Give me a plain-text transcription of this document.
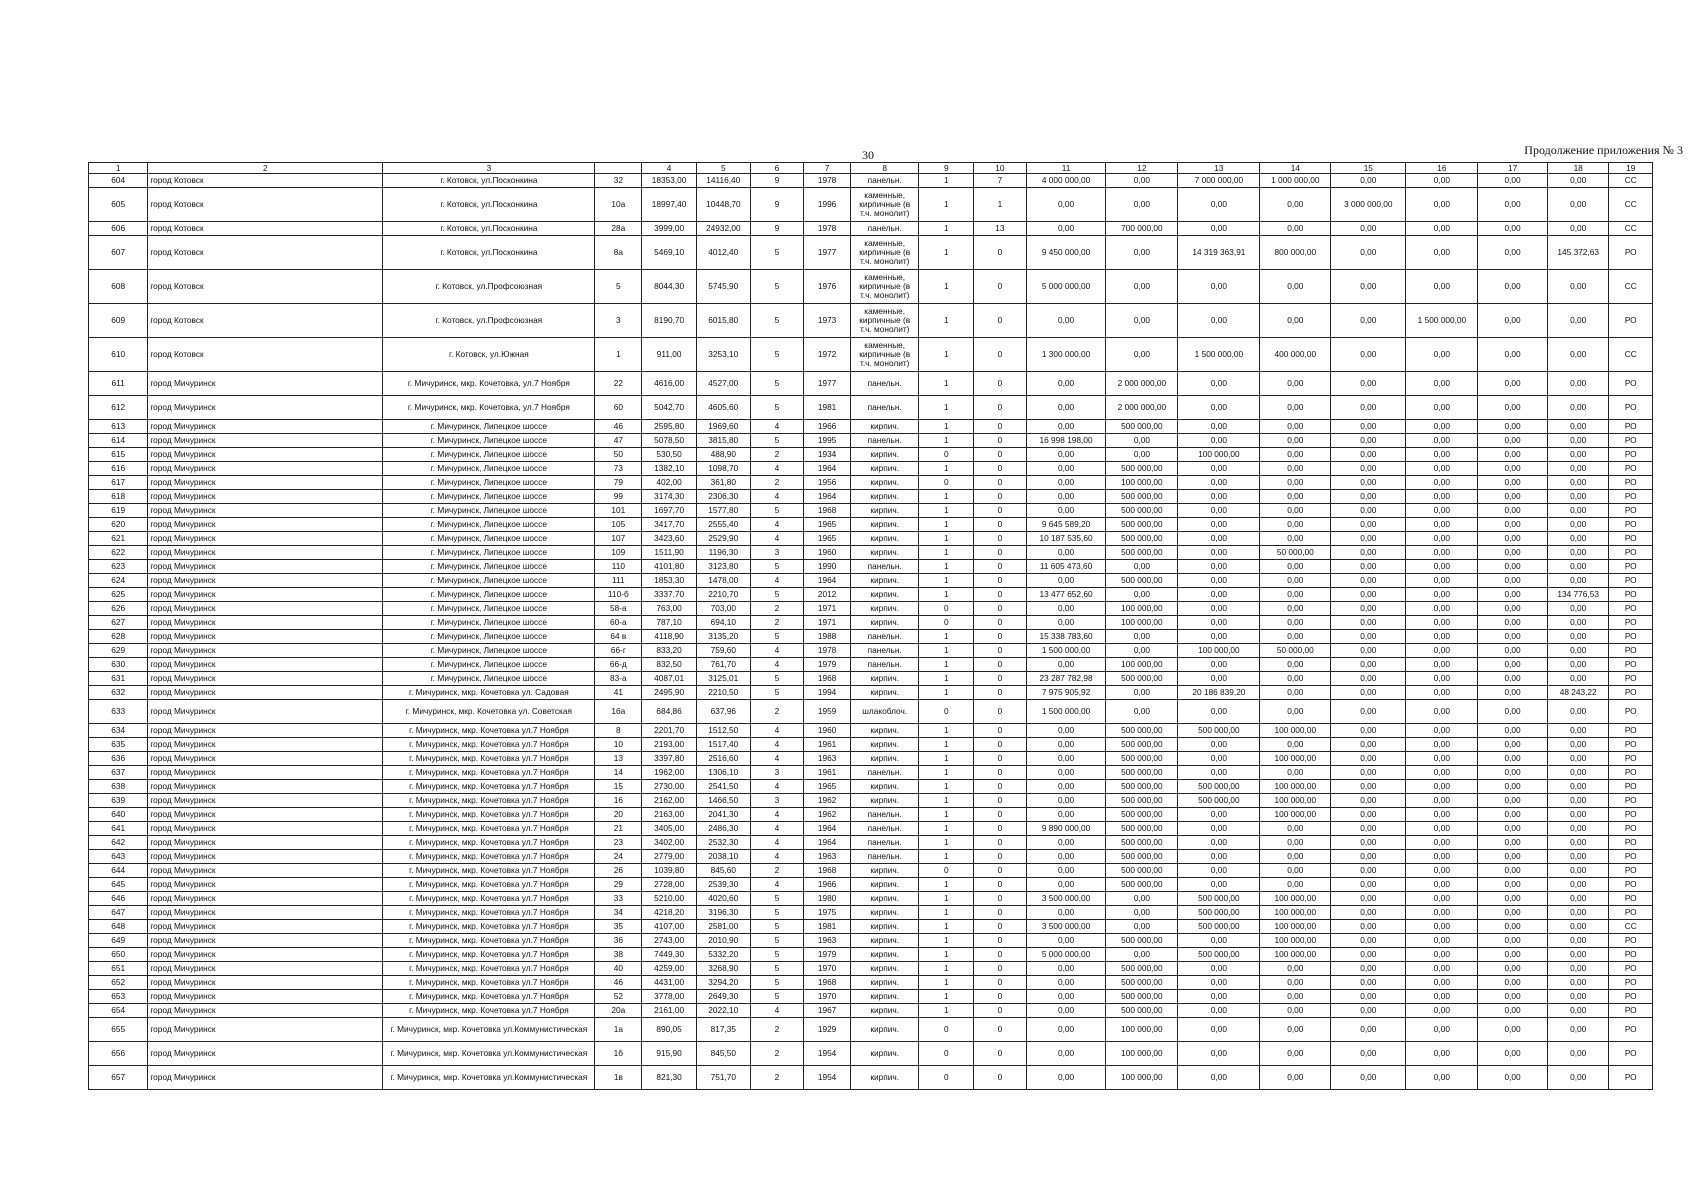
30	Продолжение приложения № 3
1	2	3		4	5	6	7	8	9	10	11	12	13	14	15	16	17	18	19
604	город Котовск	г. Котовск, ул.Посконкина	32	18353,00	14116,40	9	1978	панельн.	1	7	4 000 000,00	0,00	7 000 000,00	1 000 000,00	0,00	0,00	0,00	0,00	СС
605	город Котовск	г. Котовск, ул.Посконкина	10а	18997,40	10448,70	9	1996	каменные, кирпичные (в т.ч. монолит)	1	1	0,00	0,00	0,00	0,00	3 000 000,00	0,00	0,00	0,00	СС
606	город Котовск	г. Котовск, ул.Посконкина	28а	3999,00	24932,00	9	1978	панельн.	1	13	0,00	700 000,00	0,00	0,00	0,00	0,00	0,00	0,00	СС
607	город Котовск	г. Котовск, ул.Посконкина	8а	5469,10	4012,40	5	1977	каменные, кирпичные (в т.ч. монолит)	1	0	9 450 000,00	0,00	14 319 363,91	800 000,00	0,00	0,00	0,00	145 372,63	РО
608	город Котовск	г. Котовск, ул.Профсоюзная	5	8044,30	5745,90	5	1976	каменные, кирпичные (в т.ч. монолит)	1	0	5 000 000,00	0,00	0,00	0,00	0,00	0,00	0,00	0,00	СС
609	город Котовск	г. Котовск, ул.Профсоюзная	3	8190,70	6015,80	5	1973	каменные, кирпичные (в т.ч. монолит)	1	0	0,00	0,00	0,00	0,00	0,00	1 500 000,00	0,00	0,00	РО
610	город Котовск	г. Котовск, ул.Южная	1	911,00	3253,10	5	1972	каменные, кирпичные (в т.ч. монолит)	1	0	1 300 000,00	0,00	1 500 000,00	400 000,00	0,00	0,00	0,00	0,00	СС
611	город Мичуринск	г. Мичуринск, мкр. Кочетовка, ул.7 Ноября	22	4616,00	4527,00	5	1977	панельн.	1	0	0,00	2 000 000,00	0,00	0,00	0,00	0,00	0,00	0,00	РО
612	город Мичуринск	г. Мичуринск, мкр. Кочетовка, ул.7 Ноября	60	5042,70	4605,60	5	1981	панельн.	1	0	0,00	2 000 000,00	0,00	0,00	0,00	0,00	0,00	0,00	РО
613	город Мичуринск	г. Мичуринск, Липецкое шоссе	46	2595,80	1969,60	4	1966	кирпич.	1	0	0,00	500 000,00	0,00	0,00	0,00	0,00	0,00	0,00	РО
614	город Мичуринск	г. Мичуринск, Липецкое шоссе	47	5078,50	3815,80	5	1995	панельн.	1	0	16 998 198,00	0,00	0,00	0,00	0,00	0,00	0,00	0,00	РО
615	город Мичуринск	г. Мичуринск, Липецкое шоссе	50	530,50	488,90	2	1934	кирпич.	0	0	0,00	0,00	100 000,00	0,00	0,00	0,00	0,00	0,00	РО
616	город Мичуринск	г. Мичуринск, Липецкое шоссе	73	1382,10	1098,70	4	1964	кирпич.	1	0	0,00	500 000,00	0,00	0,00	0,00	0,00	0,00	0,00	РО
617	город Мичуринск	г. Мичуринск, Липецкое шоссе	79	402,00	361,80	2	1956	кирпич.	0	0	0,00	100 000,00	0,00	0,00	0,00	0,00	0,00	0,00	РО
618	город Мичуринск	г. Мичуринск, Липецкое шоссе	99	3174,30	2306,30	4	1964	кирпич.	1	0	0,00	500 000,00	0,00	0,00	0,00	0,00	0,00	0,00	РО
619	город Мичуринск	г. Мичуринск, Липецкое шоссе	101	1697,70	1577,80	5	1968	кирпич.	1	0	0,00	500 000,00	0,00	0,00	0,00	0,00	0,00	0,00	РО
620	город Мичуринск	г. Мичуринск, Липецкое шоссе	105	3417,70	2555,40	4	1965	кирпич.	1	0	9 645 589,20	500 000,00	0,00	0,00	0,00	0,00	0,00	0,00	РО
621	город Мичуринск	г. Мичуринск, Липецкое шоссе	107	3423,60	2529,90	4	1965	кирпич.	1	0	10 187 535,60	500 000,00	0,00	0,00	0,00	0,00	0,00	0,00	РО
622	город Мичуринск	г. Мичуринск, Липецкое шоссе	109	1511,90	1196,30	3	1960	кирпич.	1	0	0,00	500 000,00	0,00	50 000,00	0,00	0,00	0,00	0,00	РО
623	город Мичуринск	г. Мичуринск, Липецкое шоссе	110	4101,80	3123,80	5	1990	панельн.	1	0	11 605 473,60	0,00	0,00	0,00	0,00	0,00	0,00	0,00	РО
624	город Мичуринск	г. Мичуринск, Липецкое шоссе	111	1853,30	1478,00	4	1964	кирпич.	1	0	0,00	500 000,00	0,00	0,00	0,00	0,00	0,00	0,00	РО
625	город Мичуринск	г. Мичуринск, Липецкое шоссе	110-б	3337,70	2210,70	5	2012	кирпич.	1	0	13 477 652,60	0,00	0,00	0,00	0,00	0,00	0,00	134 776,53	РО
626	город Мичуринск	г. Мичуринск, Липецкое шоссе	58-а	763,00	703,00	2	1971	кирпич.	0	0	0,00	100 000,00	0,00	0,00	0,00	0,00	0,00	0,00	РО
627	город Мичуринск	г. Мичуринск, Липецкое шоссе	60-а	787,10	694,10	2	1971	кирпич.	0	0	0,00	100 000,00	0,00	0,00	0,00	0,00	0,00	0,00	РО
628	город Мичуринск	г. Мичуринск, Липецкое шоссе	64 в	4118,90	3135,20	5	1988	панельн.	1	0	15 338 783,60	0,00	0,00	0,00	0,00	0,00	0,00	0,00	РО
629	город Мичуринск	г. Мичуринск, Липецкое шоссе	66-г	833,20	759,60	4	1978	панельн.	1	0	1 500 000,00	0,00	100 000,00	50 000,00	0,00	0,00	0,00	0,00	РО
630	город Мичуринск	г. Мичуринск, Липецкое шоссе	66-д	832,50	761,70	4	1979	панельн.	1	0	0,00	100 000,00	0,00	0,00	0,00	0,00	0,00	0,00	РО
631	город Мичуринск	г. Мичуринск, Липецкое шоссе	83-а	4087,01	3125,01	5	1968	кирпич.	1	0	23 287 782,98	500 000,00	0,00	0,00	0,00	0,00	0,00	0,00	РО
632	город Мичуринск	г. Мичуринск, мкр. Кочетовка ул. Садовая	41	2495,90	2210,50	5	1994	кирпич.	1	0	7 975 905,92	0,00	20 186 839,20	0,00	0,00	0,00	0,00	48 243,22	РО
633	город Мичуринск	г. Мичуринск, мкр. Кочетовка ул. Советская	16а	684,86	637,96	2	1959	шлакоблоч.	0	0	1 500 000,00	0,00	0,00	0,00	0,00	0,00	0,00	0,00	РО
634	город Мичуринск	г. Мичуринск, мкр. Кочетовка ул.7 Ноября	8	2201,70	1512,50	4	1960	кирпич.	1	0	0,00	500 000,00	500 000,00	100 000,00	0,00	0,00	0,00	0,00	РО
635	город Мичуринск	г. Мичуринск, мкр. Кочетовка ул.7 Ноября	10	2193,00	1517,40	4	1961	кирпич.	1	0	0,00	500 000,00	0,00	0,00	0,00	0,00	0,00	0,00	РО
636	город Мичуринск	г. Мичуринск, мкр. Кочетовка ул.7 Ноября	13	3397,80	2516,60	4	1963	кирпич.	1	0	0,00	500 000,00	0,00	100 000,00	0,00	0,00	0,00	0,00	РО
637	город Мичуринск	г. Мичуринск, мкр. Кочетовка ул.7 Ноября	14	1962,00	1306,10	3	1961	панельн.	1	0	0,00	500 000,00	0,00	0,00	0,00	0,00	0,00	0,00	РО
638	город Мичуринск	г. Мичуринск, мкр. Кочетовка ул.7 Ноября	15	2730,00	2541,50	4	1965	кирпич.	1	0	0,00	500 000,00	500 000,00	100 000,00	0,00	0,00	0,00	0,00	РО
639	город Мичуринск	г. Мичуринск, мкр. Кочетовка ул.7 Ноября	16	2162,00	1466,50	3	1962	кирпич.	1	0	0,00	500 000,00	500 000,00	100 000,00	0,00	0,00	0,00	0,00	РО
640	город Мичуринск	г. Мичуринск, мкр. Кочетовка ул.7 Ноября	20	2163,00	2041,30	4	1962	панельн.	1	0	0,00	500 000,00	0,00	100 000,00	0,00	0,00	0,00	0,00	РО
641	город Мичуринск	г. Мичуринск, мкр. Кочетовка ул.7 Ноября	21	3405,00	2486,30	4	1964	панельн.	1	0	9 890 000,00	500 000,00	0,00	0,00	0,00	0,00	0,00	0,00	РО
642	город Мичуринск	г. Мичуринск, мкр. Кочетовка ул.7 Ноября	23	3402,00	2532,30	4	1964	панельн.	1	0	0,00	500 000,00	0,00	0,00	0,00	0,00	0,00	0,00	РО
643	город Мичуринск	г. Мичуринск, мкр. Кочетовка ул.7 Ноября	24	2779,00	2038,10	4	1963	панельн.	1	0	0,00	500 000,00	0,00	0,00	0,00	0,00	0,00	0,00	РО
644	город Мичуринск	г. Мичуринск, мкр. Кочетовка ул.7 Ноября	26	1039,80	845,60	2	1968	кирпич.	0	0	0,00	500 000,00	0,00	0,00	0,00	0,00	0,00	0,00	РО
645	город Мичуринск	г. Мичуринск, мкр. Кочетовка ул.7 Ноября	29	2728,00	2539,30	4	1966	кирпич.	1	0	0,00	500 000,00	0,00	0,00	0,00	0,00	0,00	0,00	РО
646	город Мичуринск	г. Мичуринск, мкр. Кочетовка ул.7 Ноября	33	5210,00	4020,60	5	1980	кирпич.	1	0	3 500 000,00	0,00	500 000,00	100 000,00	0,00	0,00	0,00	0,00	РО
647	город Мичуринск	г. Мичуринск, мкр. Кочетовка ул.7 Ноября	34	4218,20	3196,30	5	1975	кирпич.	1	0	0,00	0,00	500 000,00	100 000,00	0,00	0,00	0,00	0,00	РО
648	город Мичуринск	г. Мичуринск, мкр. Кочетовка ул.7 Ноября	35	4107,00	2581,00	5	1981	кирпич.	1	0	3 500 000,00	0,00	500 000,00	100 000,00	0,00	0,00	0,00	0,00	СС
649	город Мичуринск	г. Мичуринск, мкр. Кочетовка ул.7 Ноября	36	2743,00	2010,90	5	1963	кирпич.	1	0	0,00	500 000,00	0,00	100 000,00	0,00	0,00	0,00	0,00	РО
650	город Мичуринск	г. Мичуринск, мкр. Кочетовка ул.7 Ноября	38	7449,30	5332,20	5	1979	кирпич.	1	0	5 000 000,00	0,00	500 000,00	100 000,00	0,00	0,00	0,00	0,00	РО
651	город Мичуринск	г. Мичуринск, мкр. Кочетовка ул.7 Ноября	40	4259,00	3268,90	5	1970	кирпич.	1	0	0,00	500 000,00	0,00	0,00	0,00	0,00	0,00	0,00	РО
652	город Мичуринск	г. Мичуринск, мкр. Кочетовка ул.7 Ноября	46	4431,00	3294,20	5	1968	кирпич.	1	0	0,00	500 000,00	0,00	0,00	0,00	0,00	0,00	0,00	РО
653	город Мичуринск	г. Мичуринск, мкр. Кочетовка ул.7 Ноября	52	3778,00	2649,30	5	1970	кирпич.	1	0	0,00	500 000,00	0,00	0,00	0,00	0,00	0,00	0,00	РО
654	город Мичуринск	г. Мичуринск, мкр. Кочетовка ул.7 Ноября	20а	2161,00	2022,10	4	1967	кирпич.	1	0	0,00	500 000,00	0,00	0,00	0,00	0,00	0,00	0,00	РО
655	город Мичуринск	г. Мичуринск, мкр. Кочетовка ул.Коммунистическая	1а	890,05	817,35	2	1929	кирпич.	0	0	0,00	100 000,00	0,00	0,00	0,00	0,00	0,00	0,00	РО
656	город Мичуринск	г. Мичуринск, мкр. Кочетовка ул.Коммунистическая	1б	915,90	845,50	2	1954	кирпич.	0	0	0,00	100 000,00	0,00	0,00	0,00	0,00	0,00	0,00	РО
657	город Мичуринск	г. Мичуринск, мкр. Кочетовка ул.Коммунистическая	1в	821,30	751,70	2	1954	кирпич.	0	0	0,00	100 000,00	0,00	0,00	0,00	0,00	0,00	0,00	РО
